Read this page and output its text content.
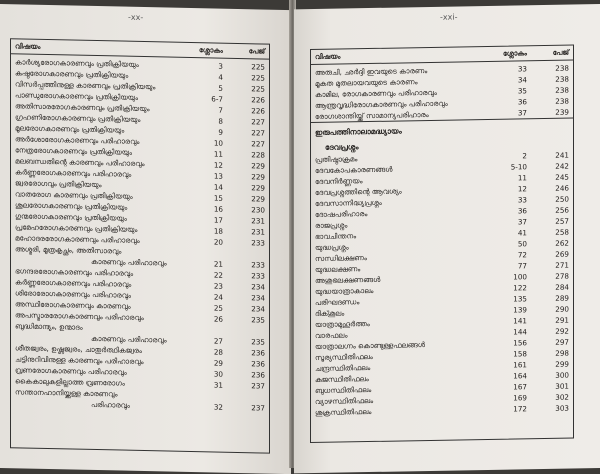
-xx-
വിഷയം	ശ്ലോകം	പേജ്
കാർശ്യരോഗകാരണവും പ്രതിക്രിയയും	3	225
കുഷ്ഠരോഗകാരണവും പ്രതിക്രിയയും	4	225
വിസർപ്പത്തിനുള്ള കാരണവും പ്രതിക്രിയയും	5	225
പാണ്ഡുരോഗകാരണവും പ്രതിക്രിയയും	6-7	226
അതിസാരരോഗകാരണവും പ്രതിക്രിയയും	7	226
ഗ്രഹണിരോഗകാരണവും പ്രതിക്രിയയും	8	227
മൂലരോഗകാരണവും പ്രതിക്രിയയും	9	227
അർശോരോഗകാരണവും പരിഹാരവും	10	227
നേത്രരോഗകാരണവും പ്രതിക്രിയയും	11	228
മലബന്ധതിന്റെ കാരണവും പരിഹാരവും	12	229
കർണ്ണരോഗകാരണവും പരിഹാരവും	13	229
ജ്വരരോഗവും പ്രതിക്രിയയും	14	229
വാതരോഗ കാരണവും പ്രതിക്രിയയും	15	229
ശൂലരോഗകാരണവും പ്രതിക്രിയയും	16	230
ഗുന്മരോഗകാരണവും പ്രതിക്രിയയും	17	231
പ്രമേഹരോഗകാരണവും പ്രതിക്രിയയും	18	231
മഹോദരരോഗകാരണവും പരിഹാരവും	20	233
അശ്മരി, മൂത്രകൃച്ഛ്രം, അതിസാരവും
കാരണവും പരിഹാരവും	21	233
ഭഗന്ദരരോഗകാരണവും പരിഹാരവും	22	233
കർണ്ണരോഗകാരണവും പരിഹാരവും	23	234
ശിരോരോഗകാരണവും പരിഹാരവും	24	234
അസ്ഥിരോഗകാരണവും കാരണവും	25	234
അപസ്മാരരോഗകാരണവും പരിഹാരവും	26	235
ബുദ്ധിമാന്ദ്യം, ഉന്മാദം
കാരണവും പരിഹാരവും	27	235
ശീതജ്വരം, ഉഷ്ണജ്വരം, ചാതുർത്ഥികജ്വരം	28	236
ചട്ടിനുറിവിനുള്ള കാരണവും പരിഹാരവും	29	236
വ്രണരോഗകാരണവും പരിഹാരവും	30	236
കൈകാലുകളില്ലാത്ത വ്രണരോഗം	31	237
സന്താനഹാനിയ്ക്കുള്ള കാരണവും
പരിഹാരവും	32	237
-xxi-
വിഷയം	ശ്ലോകം	പേജ്
അരുചി, ഛർദ്ദി ഇവയുടെ കാരണം	33	238
മൂകത മുതലായവയുടെ കാരണം	34	238
കാമില, രോഗകാരണവും പരിഹാരവും	35	238
ആന്ത്രവൃദ്ധിരോഗകാരണവും പരിഹാരവും	36	238
രോഗശാന്തിയ്ക്ക് സാമാന്യപരിഹാരം	37	239
ഇരുപത്തിനാലാമദ്ധ്യായം
ദേവപ്രശ്നം
പ്രതിഷ്ഠാക്രമം	2	241
ദേവകോപകാരണങ്ങൾ	5-10	242
ദേവനിർണ്ണയം	11	245
ദേവപ്രശ്നത്തിന്റെ ആവശ്യം	12	246
ദേവസാന്നിദ്ധ്യപ്രശ്നം	33	250
ദോഷപരിഹാരം	36	256
രാജപ്രശ്നം	37	257
ഭാവചിന്തനം	41	258
യുദ്ധപ്രശ്നം	50	262
സന്ധിലക്ഷണം	72	269
യുദ്ധലക്ഷണം	77	271
അശുഭലക്ഷണങ്ങൾ	100	278
യുദ്ധയാത്രാകാലം	122	284
പരിഘദണ്ഡം	135	289
ദിക്ശൂലം	139	290
യാത്രാമുഹൂർത്തം	141	291
വാരഫലം	144	292
യാത്രാലഗ്നം കൊണ്ടുള്ളഫലങ്ങൾ	156	297
സൂര്യസ്ഥിതിഫലം	158	298
ചന്ദ്രസ്ഥിതിഫലം	161	299
കുജസ്ഥിതിഫലം	164	300
ബുധസ്ഥിതിഫലം	167	301
വ്യാഴസ്ഥിതിഫലം	169	302
ശുക്രസ്ഥിതിഫലം	172	303
